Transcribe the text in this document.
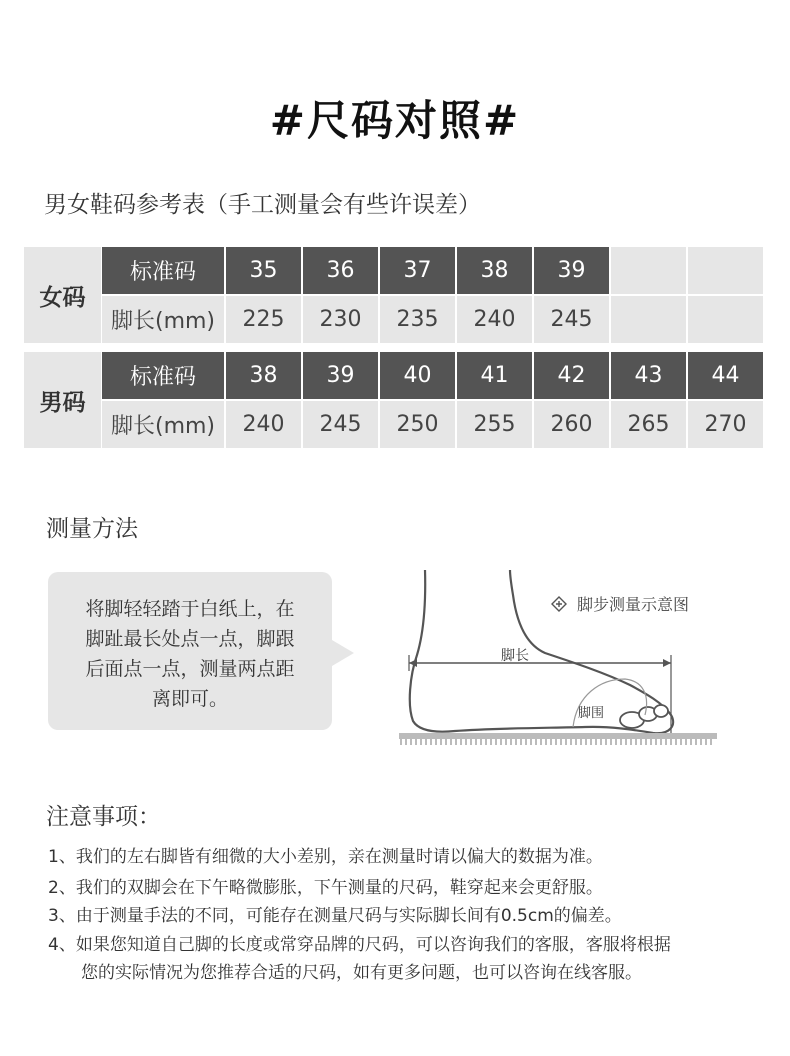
#尺码对照#
男女鞋码参考表（手工测量会有些许误差）
女码
标准码	35	36	37	38	39
脚长(mm)	225	230	235	240	245
男码
标准码	38	39	40	41	42	43	44
脚长(mm)	240	245	250	255	260	265	270
测量方法
将脚轻轻踏于白纸上，在
脚趾最长处点一点，脚跟
后面点一点，测量两点距
离即可。
脚步测量示意图
脚长
脚围
注意事项：
1、我们的左右脚皆有细微的大小差别，亲在测量时请以偏大的数据为准。
2、我们的双脚会在下午略微膨胀，下午测量的尺码，鞋穿起来会更舒服。
3、由于测量手法的不同，可能存在测量尺码与实际脚长间有0.5cm的偏差。
4、如果您知道自己脚的长度或常穿品牌的尺码，可以咨询我们的客服，客服将根据
您的实际情况为您推荐合适的尺码，如有更多问题，也可以咨询在线客服。
